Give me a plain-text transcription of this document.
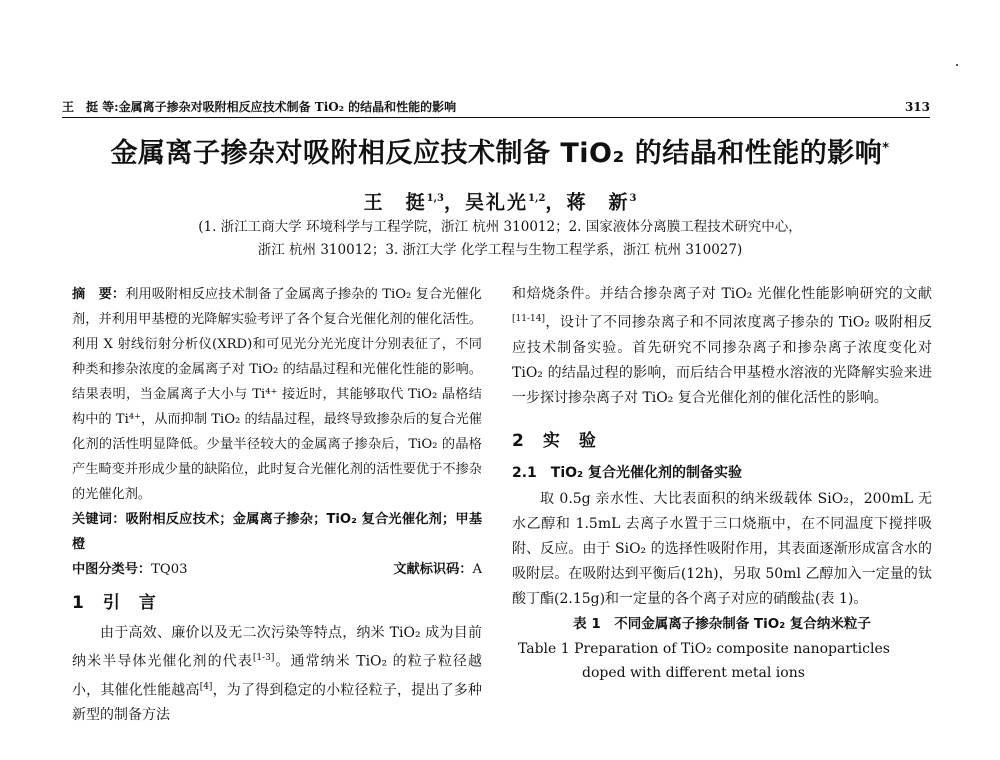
王　挺 等:金属离子掺杂对吸附相反应技术制备 TiO₂ 的结晶和性能的影响	313
金属离子掺杂对吸附相反应技术制备 TiO₂ 的结晶和性能的影响*
王　挺$^{1,3}$，吴礼光$^{1,2}$，蒋　新$^3$
(1. 浙江工商大学 环境科学与工程学院，浙江 杭州 310012；2. 国家液体分离膜工程技术研究中心，
浙江 杭州 310012；3. 浙江大学 化学工程与生物工程学系，浙江 杭州 310027)
摘　要：利用吸附相反应技术制备了金属离子掺杂的 TiO₂ 复合光催化剂，并利用甲基橙的光降解实验考评了各个复合光催化剂的催化活性。利用 X 射线衍射分析仪(XRD)和可见光分光光度计分别表征了，不同种类和掺杂浓度的金属离子对 TiO₂ 的结晶过程和光催化性能的影响。结果表明，当金属离子大小与 Ti⁴⁺ 接近时，其能够取代 TiO₂ 晶格结构中的 Ti⁴⁺，从而抑制 TiO₂ 的结晶过程，最终导致掺杂后的复合光催化剂的活性明显降低。少量半径较大的金属离子掺杂后，TiO₂ 的晶格产生畸变并形成少量的缺陷位，此时复合光催化剂的活性要优于不掺杂的光催化剂。
关键词：吸附相反应技术；金属离子掺杂；TiO₂ 复合光催化剂；甲基橙
中图分类号：TQ03	文献标识码：A
1　引　言
由于高效、廉价以及无二次污染等特点，纳米 TiO₂ 成为目前纳米半导体光催化剂的代表[1-3]。通常纳米 TiO₂ 的粒子粒径越小，其催化性能越高[4]，为了得到稳定的小粒径粒子，提出了多种新型的制备方法
和焙烧条件。并结合掺杂离子对 TiO₂ 光催化性能影响研究的文献[11-14]，设计了不同掺杂离子和不同浓度离子掺杂的 TiO₂ 吸附相反应技术制备实验。首先研究不同掺杂离子和掺杂离子浓度变化对 TiO₂ 的结晶过程的影响，而后结合甲基橙水溶液的光降解实验来进一步探讨掺杂离子对 TiO₂ 复合光催化剂的催化活性的影响。
2　实　验
2.1　TiO₂ 复合光催化剂的制备实验
取 0.5g 亲水性、大比表面积的纳米级载体 SiO₂，200mL 无水乙醇和 1.5mL 去离子水置于三口烧瓶中，在不同温度下搅拌吸附、反应。由于 SiO₂ 的选择性吸附作用，其表面逐渐形成富含水的吸附层。在吸附达到平衡后(12h)，另取 50ml 乙醇加入一定量的钛酸丁酯(2.15g)和一定量的各个离子对应的硝酸盐(表 1)。
表 1　不同金属离子掺杂制备 TiO₂ 复合纳米粒子
Table 1 Preparation of TiO₂ composite nanoparticles
doped with different metal ions
